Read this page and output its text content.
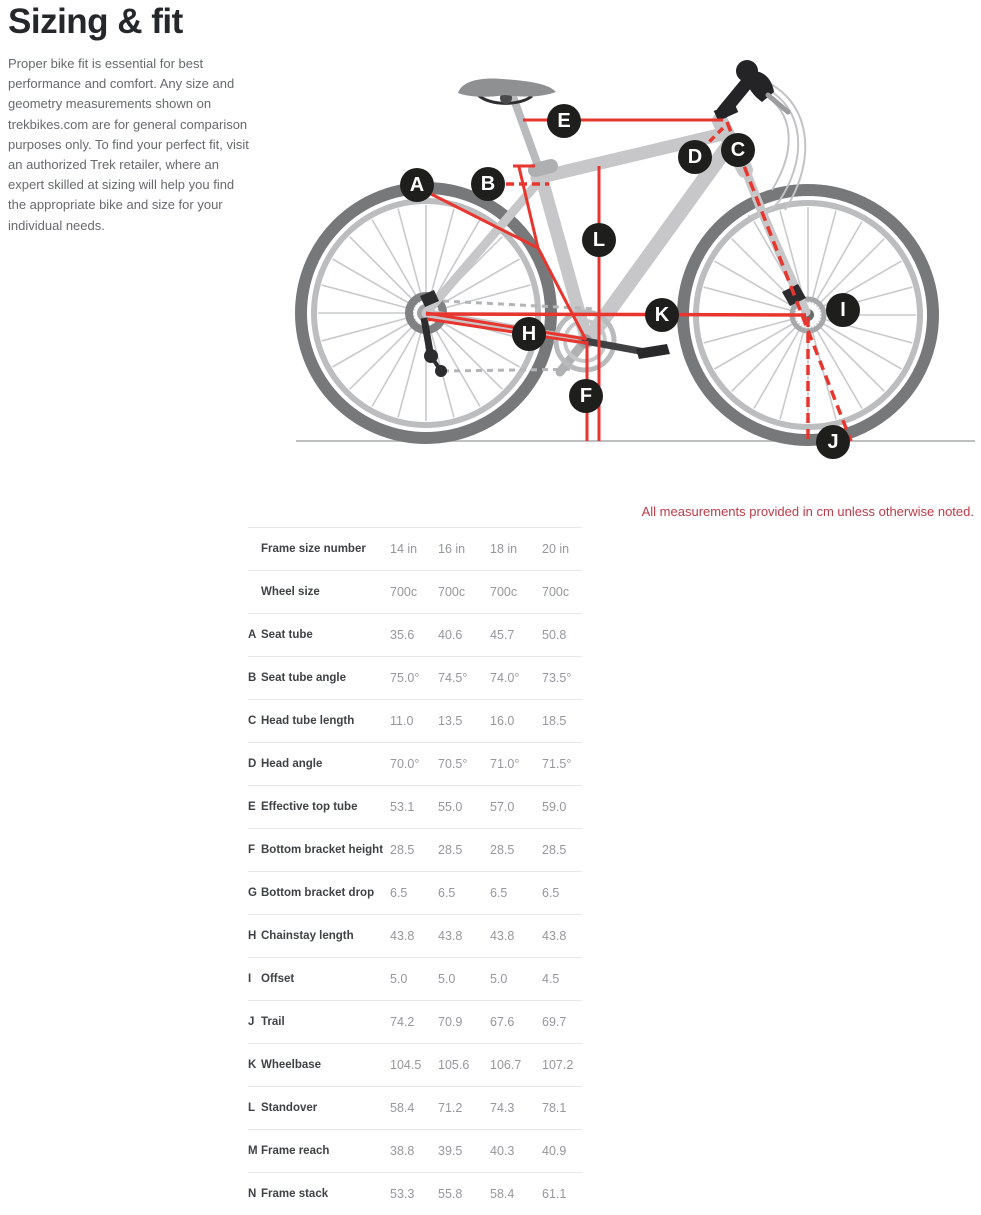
Sizing & fit

Proper bike fit is essential for best performance and comfort. Any size and geometry measurements shown on trekbikes.com are for general comparison purposes only. To find your perfect fit, visit an authorized Trek retailer, where an expert skilled at sizing will help you find the appropriate bike and size for your individual needs.

A	B
C
D
E
F
H
I
J
K
L
All measurements provided in cm unless otherwise noted.
Frame size number	14 in	16 in	18 in	20 in
Wheel size	700c	700c	700c	700c
A Seat tube	35.6	40.6	45.7	50.8
B Seat tube angle	75.0°	74.5°	74.0°	73.5°
C Head tube length	11.0	13.5	16.0	18.5
D Head angle	70.0°	70.5°	71.0°	71.5°
E Effective top tube	53.1	55.0	57.0	59.0
F Bottom bracket height 28.5	28.5	28.5	28.5
G Bottom bracket drop	6.5	6.5	6.5	6.5
H Chainstay length	43.8	43.8	43.8	43.8
I Offset	5.0	5.0	5.0	4.5
J Trail	74.2	70.9	67.6	69.7
K Wheelbase	104.5	105.6	106.7	107.2
L Standover	58.4	71.2	74.3	78.1
M Frame reach	38.8	39.5	40.3	40.9
N Frame stack	53.3	55.8	58.4	61.1
